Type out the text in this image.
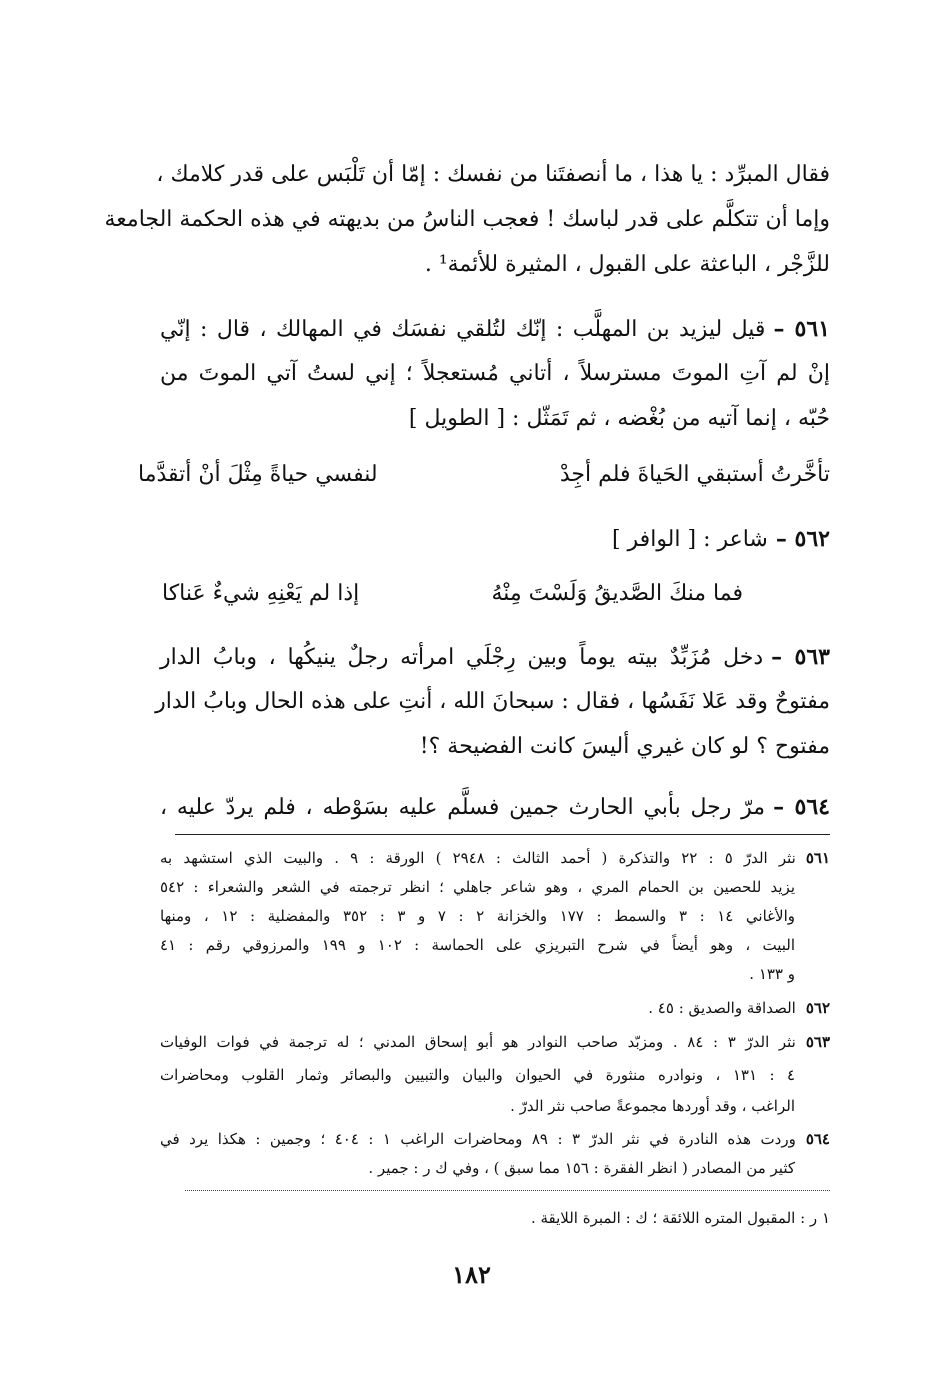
فقال المبرِّد : يا هذا ، ما أنصفتَنا من نفسك : إمّا أن تَلْبَس على قدر كلامك ،
وإما أن تتكلَّم على قدر لباسك ! فعجب الناسُ من بديهته في هذه الحكمة الجامعة
للزَّجْر ، الباعثة على القبول ، المثيرة للأئمة¹ .
٥٦١ –قيل ليزيد بن المهلَّب : إنّك لتُلقي نفسَك في المهالك ، قال : إنّي
إنْ لم آتِ الموتَ مسترسلاً ، أتاني مُستعجلاً ؛ إني لستُ آتي الموتَ من
حُبّه ، إنما آتيه من بُغْضه ، ثم تَمَثّل : [ الطويل ]
تأخَّرتُ أستبقي الحَياةَ فلم أجِدْ
لنفسي حياةً مِثْلَ أنْ أتقدَّما
٥٦٢ –شاعر : [ الوافر ]
فما منكَ الصَّديقُ وَلَسْتَ مِنْهُ
إذا لم يَعْنِهِ شيءٌ عَناكا
٥٦٣ –دخل مُزَبِّدٌ بيته يوماً وبين رِجْلَي امرأته رجلٌ ينيكُها ، وبابُ الدار
مفتوحٌ وقد عَلا نَفَسُها ، فقال : سبحانَ الله ، أنتِ على هذه الحال وبابُ الدار
مفتوح ؟ لو كان غيري أليسَ كانت الفضيحة ؟!
٥٦٤ –مرّ رجل بأبي الحارث جمين فسلَّم عليه بسَوْطه ، فلم يردّ عليه ،
٥٦١نثر الدرّ ٥ : ٢٢ والتذكرة ( أحمد الثالث : ٢٩٤٨ ) الورقة : ٩ . والبيت الذي استشهد به
يزيد للحصين بن الحمام المري ، وهو شاعر جاهلي ؛ انظر ترجمته في الشعر والشعراء : ٥٤٢
والأغاني ١٤ : ٣ والسمط : ١٧٧ والخزانة ٢ : ٧ و ٣ : ٣٥٢ والمفضلية : ١٢ ، ومنها
البيت ، وهو أيضاً في شرح التبريزي على الحماسة : ١٠٢ و ١٩٩ والمرزوقي رقم : ٤١
و ١٣٣ .
٥٦٢الصداقة والصديق : ٤٥ .
٥٦٣نثر الدرّ ٣ : ٨٤ . ومزبّد صاحب النوادر هو أبو إسحاق المدني ؛ له ترجمة في فوات الوفيات
٤ : ١٣١ ، ونوادره منثورة في الحيوان والبيان والتبيين والبصائر وثمار القلوب ومحاضرات
الراغب ، وقد أوردها مجموعةً صاحب نثر الدرّ .
٥٦٤وردت هذه النادرة في نثر الدرّ ٣ : ٨٩ ومحاضرات الراغب ١ : ٤٠٤ ؛ وجمين : هكذا يرد في
كثير من المصادر ( انظر الفقرة : ١٥٦ مما سبق ) ، وفي ك ر : جمير .
١ ر : المقبول المتره اللائقة ؛ ك : المبرة اللايقة .
١٨٢
